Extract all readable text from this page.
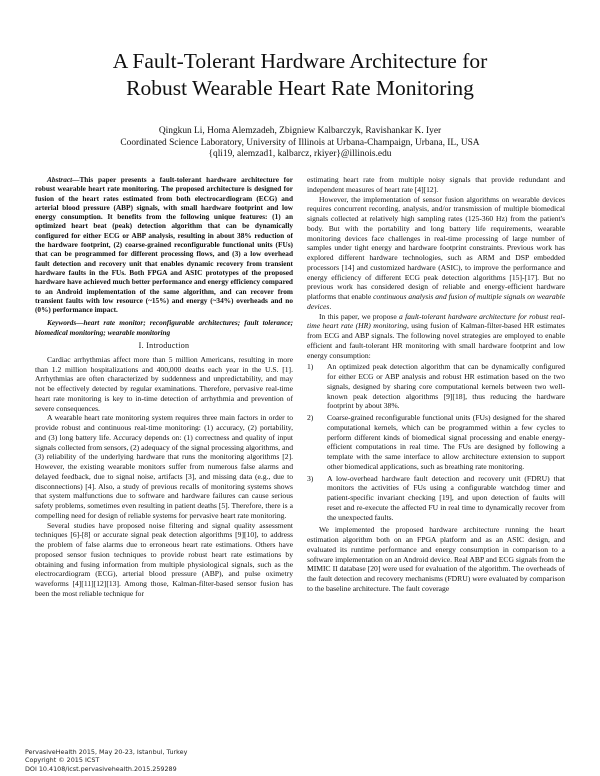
A Fault-Tolerant Hardware Architecture for
Robust Wearable Heart Rate Monitoring
Qingkun Li, Homa Alemzadeh, Zbigniew Kalbarczyk, Ravishankar K. Iyer
Coordinated Science Laboratory, University of Illinois at Urbana-Champaign, Urbana, IL, USA
{qli19, alemzad1, kalbarcz, rkiyer}@illinois.edu

Abstract—This paper presents a fault-tolerant hardware architecture for robust wearable heart rate monitoring. The proposed architecture is designed for fusion of the heart rates estimated from both electrocardiogram (ECG) and arterial blood pressure (ABP) signals, with small hardware footprint and low energy consumption. It benefits from the following unique features: (1) an optimized heart beat (peak) detection algorithm that can be dynamically configured for either ECG or ABP analysis, resulting in about 38% reduction of the hardware footprint, (2) coarse-grained reconfigurable functional units (FUs) that can be programmed for different processing flows, and (3) a low overhead fault detection and recovery unit that enables dynamic recovery from transient hardware faults in the FUs. Both FPGA and ASIC prototypes of the proposed hardware have achieved much better performance and energy efficiency compared to an Android implementation of the same algorithm, and can recover from transient faults with low resource (~15%) and energy (~34%) overheads and no (0%) performance impact.

Keywords—heart rate monitor; reconfigurable architectures; fault tolerance; biomedical monitoring; wearable monitoring

I. Introduction

Cardiac arrhythmias affect more than 5 million Americans, resulting in more than 1.2 million hospitalizations and 400,000 deaths each year in the U.S. [1]. Arrhythmias are often characterized by suddenness and unpredictability, and may not be effectively detected by regular examinations. Therefore, pervasive real-time heart rate monitoring is key to in-time detection of arrhythmia and prevention of severe consequences.

A wearable heart rate monitoring system requires three main factors in order to provide robust and continuous real-time monitoring: (1) accuracy, (2) portability, and (3) long battery life. Accuracy depends on: (1) correctness and quality of input signals collected from sensors, (2) adequacy of the signal processing algorithms, and (3) reliability of the underlying hardware that runs the monitoring algorithms [2]. However, the existing wearable monitors suffer from numerous false alarms and delayed feedback, due to signal noise, artifacts [3], and missing data (e.g., due to disconnections) [4]. Also, a study of previous recalls of monitoring systems shows that system malfunctions due to software and hardware failures can cause serious safety problems, sometimes even resulting in patient deaths [5]. Therefore, there is a compelling need for design of reliable systems for pervasive heart rate monitoring.

Several studies have proposed noise filtering and signal quality assessment techniques [6]-[8] or accurate signal peak detection algorithms [9][10], to address the problem of false alarms due to erroneous heart rate estimations. Others have proposed sensor fusion techniques to provide robust heart rate estimations by obtaining and fusing information from multiple physiological signals, such as the electrocardiogram (ECG), arterial blood pressure (ABP), and pulse oximetry waveforms [4][11][12][13]. Among those, Kalman-filter-based sensor fusion has been the most reliable technique for

estimating heart rate from multiple noisy signals that provide redundant and independent measures of heart rate [4][12].

However, the implementation of sensor fusion algorithms on wearable devices requires concurrent recording, analysis, and/or transmission of multiple biomedical signals collected at relatively high sampling rates (125-360 Hz) from the patient's body. But with the portability and long battery life requirements, wearable monitoring devices face challenges in real-time processing of large number of samples under tight energy and hardware footprint constraints. Previous work has explored different hardware technologies, such as ARM and DSP embedded processors [14] and customized hardware (ASIC), to improve the performance and energy efficiency of different ECG peak detection algorithms [15]-[17]. But no previous work has considered design of reliable and energy-efficient hardware platforms that enable continuous analysis and fusion of multiple signals on wearable devices.

In this paper, we propose a fault-tolerant hardware architecture for robust real-time heart rate (HR) monitoring, using fusion of Kalman-filter-based HR estimates from ECG and ABP signals. The following novel strategies are employed to enable efficient and fault-tolerant HR monitoring with small hardware footprint and low energy consumption:

1) An optimized peak detection algorithm that can be dynamically configured for either ECG or ABP analysis and robust HR estimation based on the two signals, designed by sharing core computational kernels between two well-known peak detection algorithms [9][18], thus reducing the hardware footprint by about 38%.
2) Coarse-grained reconfigurable functional units (FUs) designed for the shared computational kernels, which can be programmed within a few cycles to perform different kinds of biomedical signal processing and enable energy-efficient computations in real time. The FUs are designed by following a template with the same interface to allow architecture extension to support other biomedical applications, such as breathing rate monitoring.
3) A low-overhead hardware fault detection and recovery unit (FDRU) that monitors the activities of FUs using a configurable watchdog timer and patient-specific invariant checking [19], and upon detection of faults will reset and re-execute the affected FU in real time to dynamically recover from the unexpected faults.

We implemented the proposed hardware architecture running the heart estimation algorithm both on an FPGA platform and as an ASIC design, and evaluated its runtime performance and energy consumption in comparison to a software implementation on an Android device. Real ABP and ECG signals from the MIMIC II database [20] were used for evaluation of the algorithm. The overheads of the fault detection and recovery mechanisms (FDRU) were evaluated by comparison to the baseline architecture. The fault coverage

PervasiveHealth 2015, May 20-23, Istanbul, Turkey
Copyright © 2015 ICST
DOI 10.4108/icst.pervasivehealth.2015.259289
